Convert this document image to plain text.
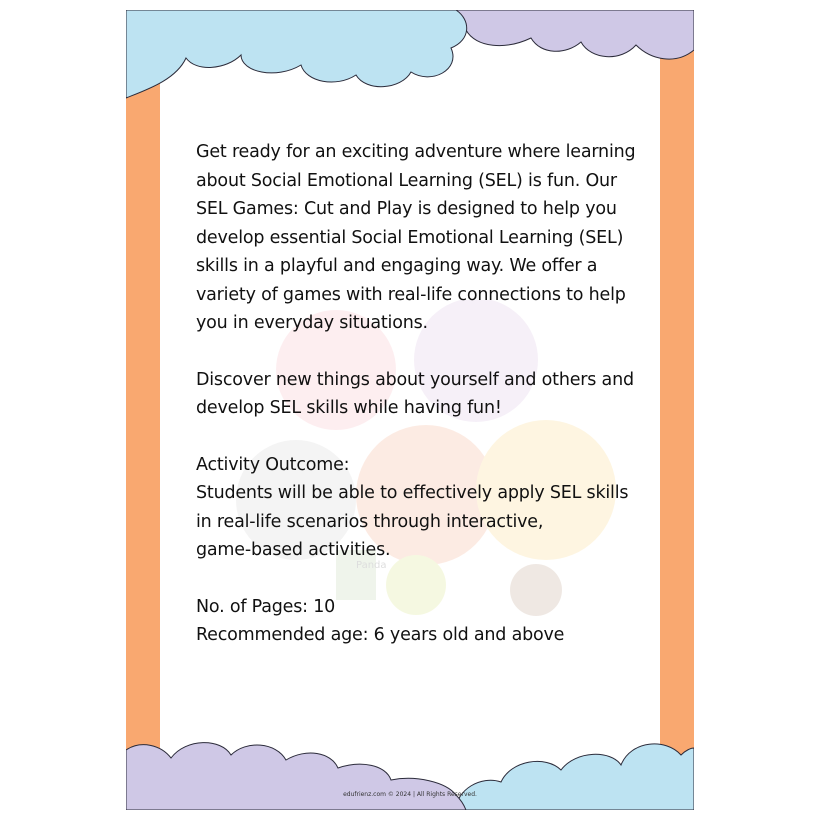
Panda

Get ready for an exciting adventure where learning
about Social Emotional Learning (SEL) is fun. Our
SEL Games: Cut and Play is designed to help you
develop essential Social Emotional Learning (SEL)
skills in a playful and engaging way. We offer a
variety of games with real-life connections to help
you in everyday situations.

Discover new things about yourself and others and
develop SEL skills while having fun!

Activity Outcome:
Students will be able to effectively apply SEL skills
in real-life scenarios through interactive,
game-based activities.

No. of Pages: 10
Recommended age: 6 years old and above

edufrienz.com © 2024 | All Rights Reserved.
